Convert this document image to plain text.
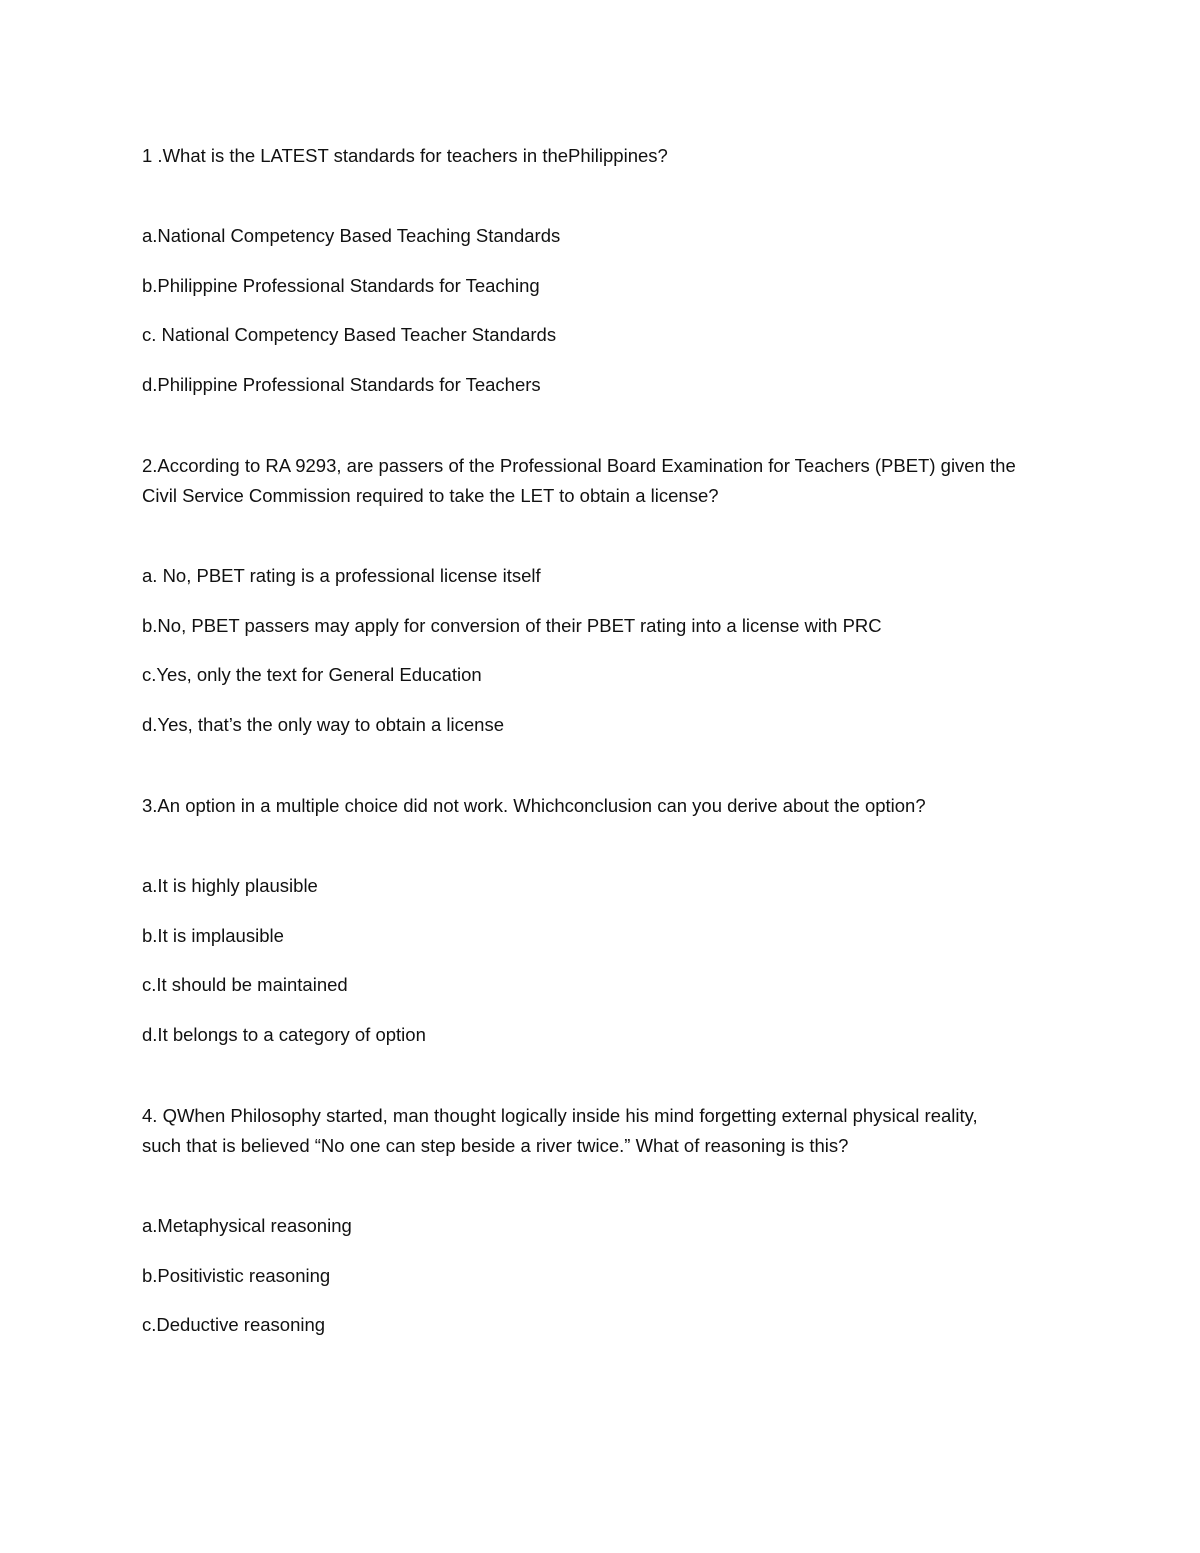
1 .What is the LATEST standards for teachers in thePhilippines?
a.National Competency Based Teaching Standards
b.Philippine Professional Standards for Teaching
c. National Competency Based Teacher Standards
d.Philippine Professional Standards for Teachers
2.According to RA 9293, are passers of the Professional Board Examination for Teachers (PBET) given the
Civil Service Commission required to take the LET to obtain a license?
a. No, PBET rating is a professional license itself
b.No, PBET passers may apply for conversion of their PBET rating into a license with PRC
c.Yes, only the text for General Education
d.Yes, that’s the only way to obtain a license
3.An option in a multiple choice did not work. Whichconclusion can you derive about the option?
a.It is highly plausible
b.It is implausible
c.It should be maintained
d.It belongs to a category of option
4. QWhen Philosophy started, man thought logically inside his mind forgetting external physical reality,
such that is believed “No one can step beside a river twice.” What of reasoning is this?
a.Metaphysical reasoning
b.Positivistic reasoning
c.Deductive reasoning
